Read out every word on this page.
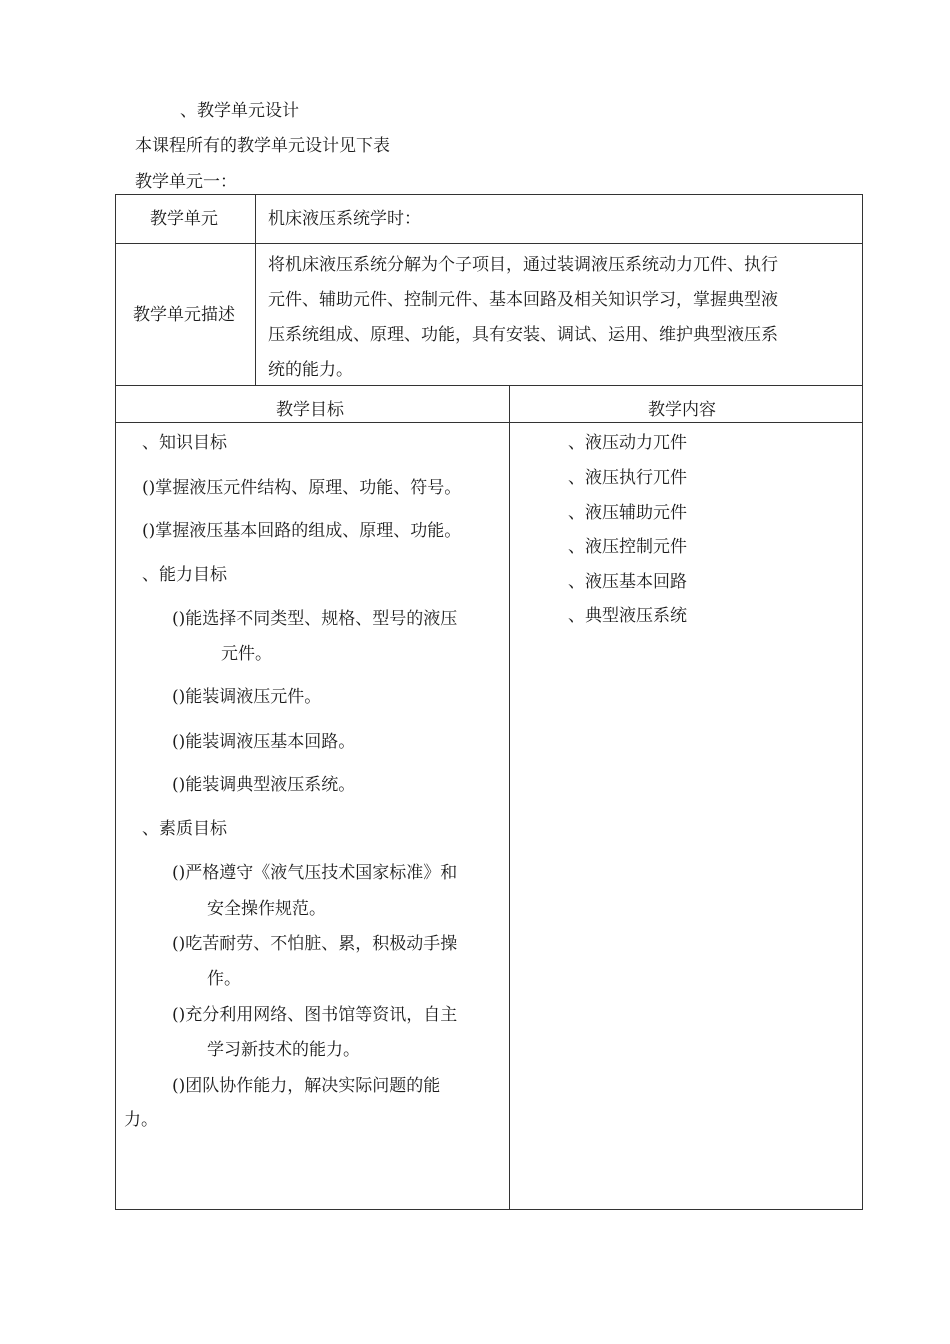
、教学单元设计
本课程所有的教学单元设计见下表
教学单元一：
教学单元	机床液压系统学时：
教学单元描述
将机床液压系统分解为个子项目，通过装调液压系统动力兀件、执行
元件、辅助元件、控制元件、基本回路及相关知识学习，掌握典型液
压系统组成、原理、功能，具有安装、调试、运用、维护典型液压系
统的能力。
教学目标	教学内容
、知识目标
()掌握液压元件结构、原理、功能、符号。
()掌握液压基本回路的组成、原理、功能。
、能力目标
()能选择不同类型、规格、型号的液压
元件。
()能装调液压元件。
()能装调液压基本回路。
()能装调典型液压系统。
、素质目标
()严格遵守《液气压技术国家标准》和
安全操作规范。
()吃苦耐劳、不怕脏、累，积极动手操
作。
()充分利用网络、图书馆等资讯，自主
学习新技术的能力。
()团队协作能力，解决实际问题的能
力。
、液压动力兀件
、液压执行兀件
、液压辅助元件
、液压控制元件
、液压基本回路
、典型液压系统
